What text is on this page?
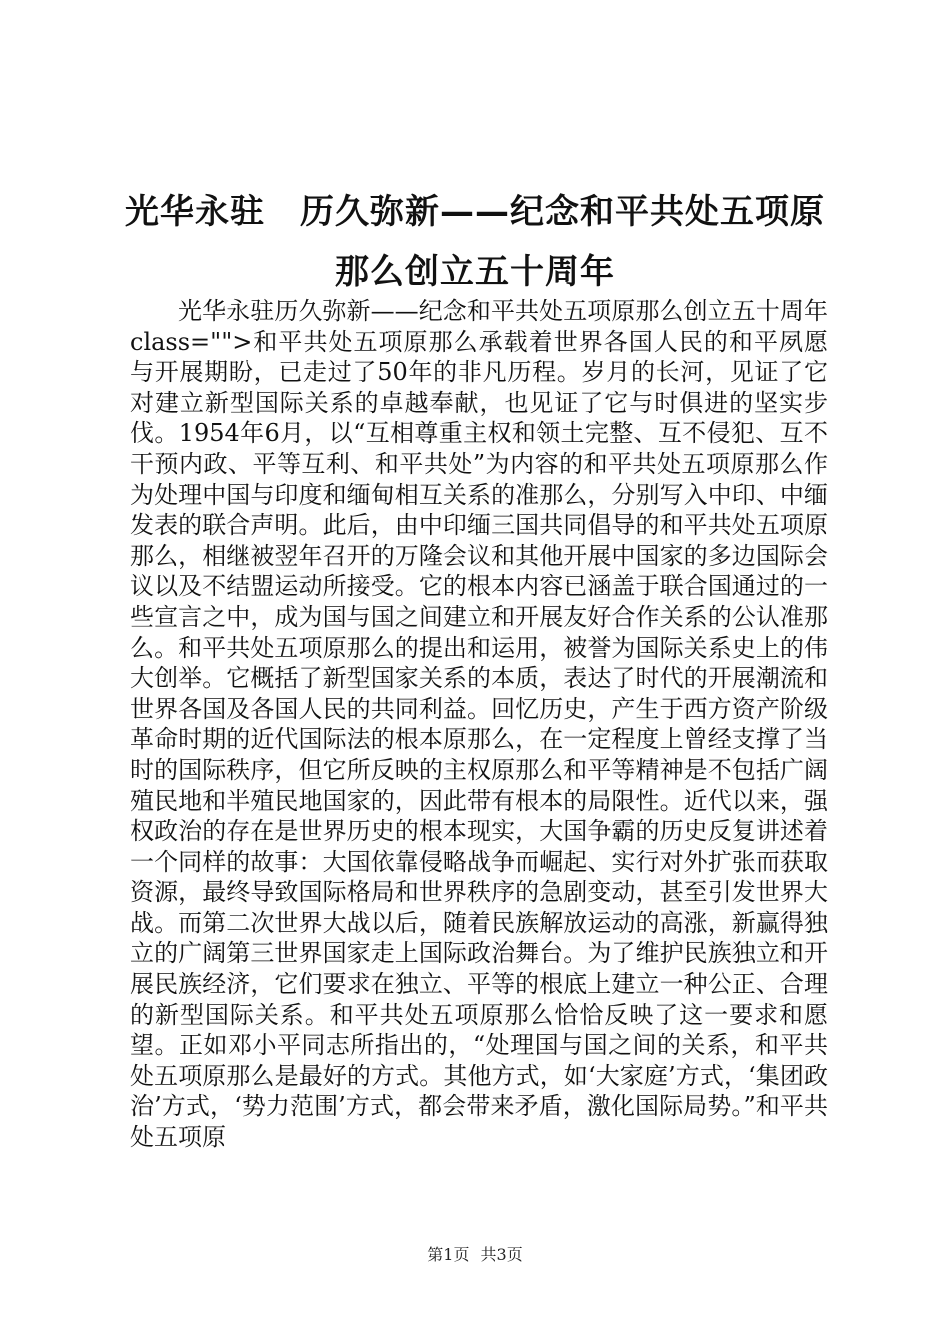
光华永驻　历久弥新——纪念和平共处五项原
那么创立五十周年

光华永驻历久弥新——纪念和平共处五项原那么创立五十周年class="">和平共处五项原那么承载着世界各国人民的和平夙愿与开展期盼，已走过了50年的非凡历程。岁月的长河，见证了它对建立新型国际关系的卓越奉献，也见证了它与时俱进的坚实步伐。1954年6月，以“互相尊重主权和领土完整、互不侵犯、互不干预内政、平等互利、和平共处”为内容的和平共处五项原那么作为处理中国与印度和缅甸相互关系的准那么，分别写入中印、中缅发表的联合声明。此后，由中印缅三国共同倡导的和平共处五项原那么，相继被翌年召开的万隆会议和其他开展中国家的多边国际会议以及不结盟运动所接受。它的根本内容已涵盖于联合国通过的一些宣言之中，成为国与国之间建立和开展友好合作关系的公认准那么。和平共处五项原那么的提出和运用，被誉为国际关系史上的伟大创举。它概括了新型国家关系的本质，表达了时代的开展潮流和世界各国及各国人民的共同利益。回忆历史，产生于西方资产阶级革命时期的近代国际法的根本原那么，在一定程度上曾经支撑了当时的国际秩序，但它所反映的主权原那么和平等精神是不包括广阔殖民地和半殖民地国家的，因此带有根本的局限性。近代以来，强权政治的存在是世界历史的根本现实，大国争霸的历史反复讲述着一个同样的故事：大国依靠侵略战争而崛起、实行对外扩张而获取资源，最终导致国际格局和世界秩序的急剧变动，甚至引发世界大战。而第二次世界大战以后，随着民族解放运动的高涨，新赢得独立的广阔第三世界国家走上国际政治舞台。为了维护民族独立和开展民族经济，它们要求在独立、平等的根底上建立一种公正、合理的新型国际关系。和平共处五项原那么恰恰反映了这一要求和愿望。正如邓小平同志所指出的，“处理国与国之间的关系，和平共处五项原那么是最好的方式。其他方式，如‘大家庭’方式，‘集团政治’方式，‘势力范围’方式，都会带来矛盾，激化国际局势。”和平共处五项原

第1页 共3页
